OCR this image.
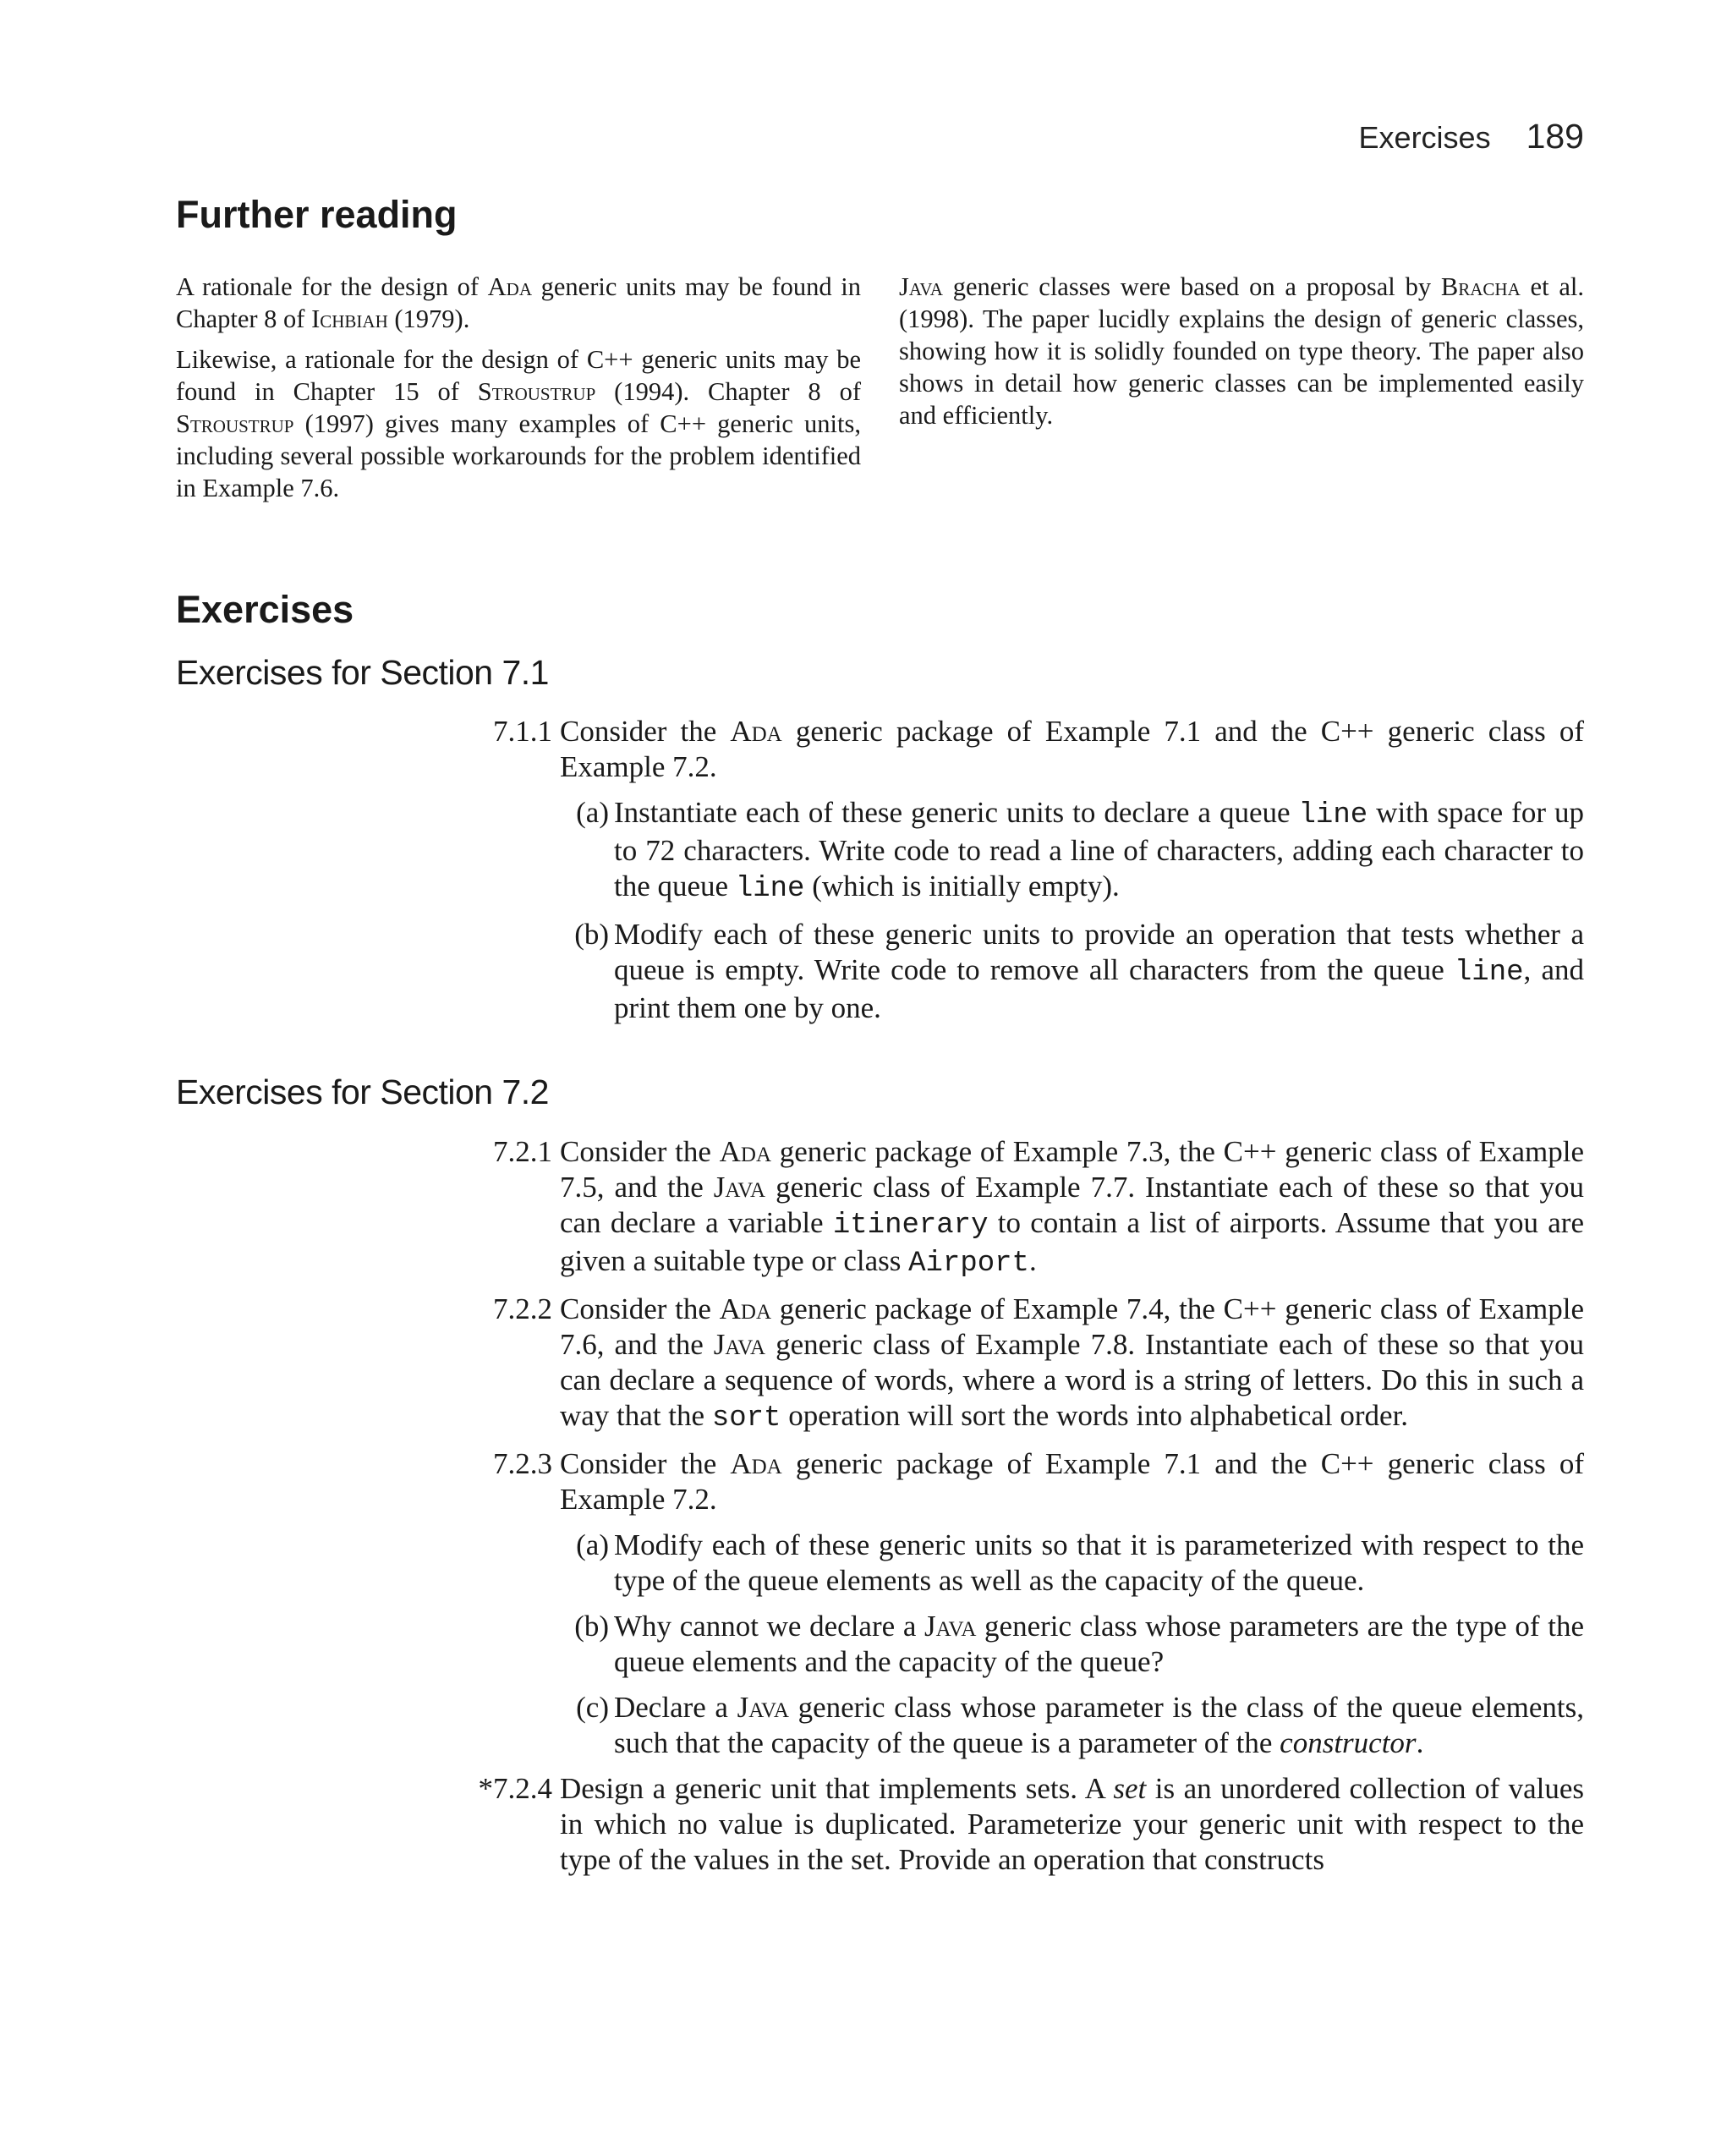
Exercises 189
Further reading

A rationale for the design of Ada generic units may be found in Chapter 8 of Ichbiah (1979).

Likewise, a rationale for the design of C++ generic units may be found in Chapter 15 of Stroustrup (1994). Chapter 8 of Stroustrup (1997) gives many examples of C++ generic units, including several possible workarounds for the problem identified in Example 7.6.

Java generic classes were based on a proposal by Bracha et al. (1998). The paper lucidly explains the design of generic classes, showing how it is solidly founded on type theory. The paper also shows in detail how generic classes can be implemented easily and efficiently.

Exercises
Exercises for Section 7.1
7.1.1 Consider the Ada generic package of Example 7.1 and the C++ generic class of Example 7.2.
(a) Instantiate each of these generic units to declare a queue line with space for up to 72 characters. Write code to read a line of characters, adding each character to the queue line (which is initially empty).
(b) Modify each of these generic units to provide an operation that tests whether a queue is empty. Write code to remove all characters from the queue line, and print them one by one.
Exercises for Section 7.2
7.2.1 Consider the Ada generic package of Example 7.3, the C++ generic class of Example 7.5, and the Java generic class of Example 7.7. Instantiate each of these so that you can declare a variable itinerary to contain a list of airports. Assume that you are given a suitable type or class Airport.
7.2.2 Consider the Ada generic package of Example 7.4, the C++ generic class of Example 7.6, and the Java generic class of Example 7.8. Instantiate each of these so that you can declare a sequence of words, where a word is a string of letters. Do this in such a way that the sort operation will sort the words into alphabetical order.
7.2.3 Consider the Ada generic package of Example 7.1 and the C++ generic class of Example 7.2.
(a) Modify each of these generic units so that it is parameterized with respect to the type of the queue elements as well as the capacity of the queue.
(b) Why cannot we declare a Java generic class whose parameters are the type of the queue elements and the capacity of the queue?
(c) Declare a Java generic class whose parameter is the class of the queue elements, such that the capacity of the queue is a parameter of the constructor.
*7.2.4 Design a generic unit that implements sets. A set is an unordered collection of values in which no value is duplicated. Parameterize your generic unit with respect to the type of the values in the set. Provide an operation that constructs
